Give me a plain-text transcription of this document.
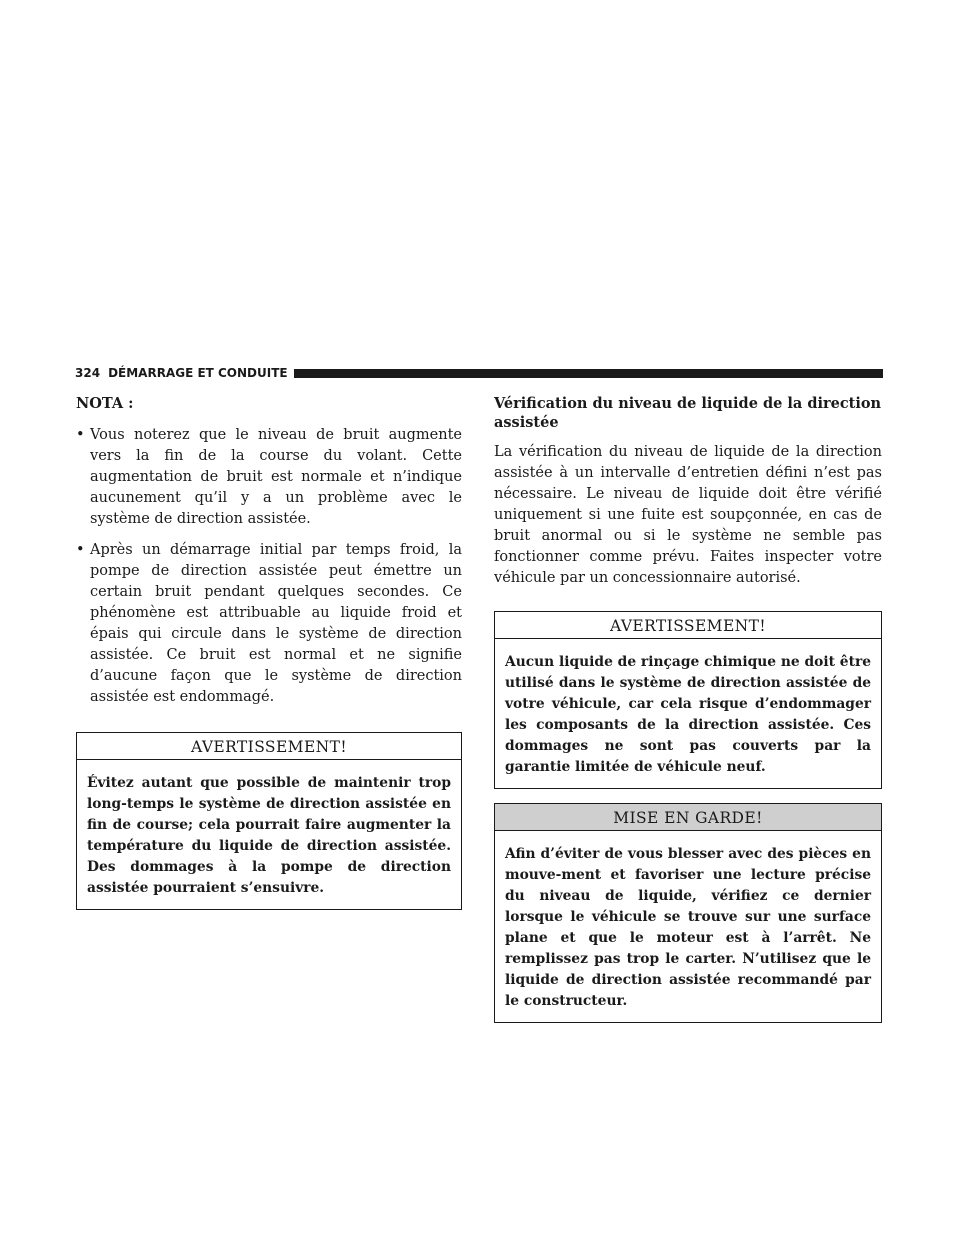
324 DÉMARRAGE ET CONDUITE
NOTA :
• Vous noterez que le niveau de bruit augmente vers la fin de la course du volant. Cette augmentation de bruit est normale et n’indique aucunement qu’il y a un problème avec le système de direction assistée.
• Après un démarrage initial par temps froid, la pompe de direction assistée peut émettre un certain bruit pendant quelques secondes. Ce phénomène est attribuable au liquide froid et épais qui circule dans le système de direction assistée. Ce bruit est normal et ne signifie d’aucune façon que le système de direction assistée est endommagé.
AVERTISSEMENT!
Évitez autant que possible de maintenir trop long-temps le système de direction assistée en fin de course; cela pourrait faire augmenter la température du liquide de direction assistée. Des dommages à la pompe de direction assistée pourraient s’ensuivre.
Vérification du niveau de liquide de la direction assistée

La vérification du niveau de liquide de la direction assistée à un intervalle d’entretien défini n’est pas nécessaire. Le niveau de liquide doit être vérifié uniquement si une fuite est soupçonnée, en cas de bruit anormal ou si le système ne semble pas fonctionner comme prévu. Faites inspecter votre véhicule par un concessionnaire autorisé.

AVERTISSEMENT!
Aucun liquide de rinçage chimique ne doit être utilisé dans le système de direction assistée de votre véhicule, car cela risque d’endommager les composants de la direction assistée. Ces dommages ne sont pas couverts par la garantie limitée de véhicule neuf.
MISE EN GARDE!
Afin d’éviter de vous blesser avec des pièces en mouve-ment et favoriser une lecture précise du niveau de liquide, vérifiez ce dernier lorsque le véhicule se trouve sur une surface plane et que le moteur est à l’arrêt. Ne remplissez pas trop le carter. N’utilisez que le liquide de direction assistée recommandé par le constructeur.
